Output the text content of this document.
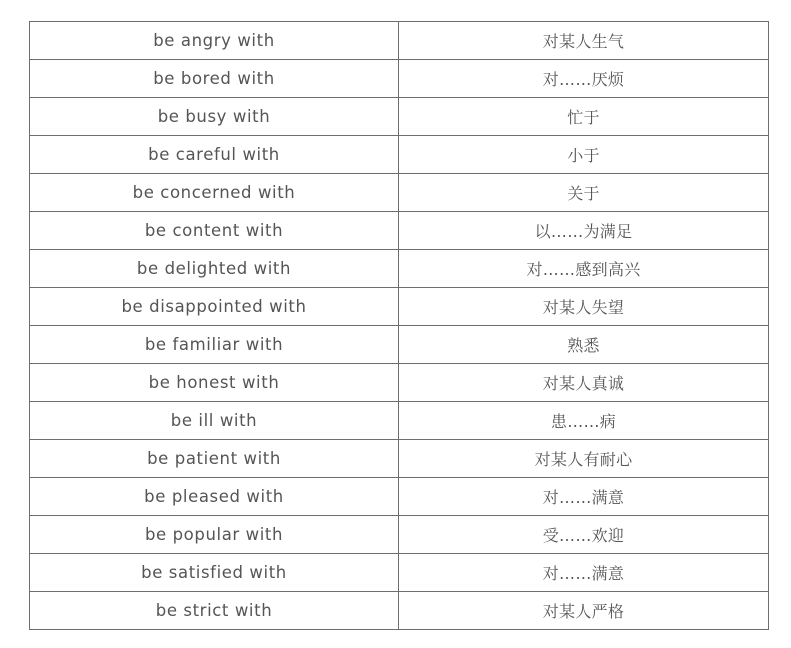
be angry with	对某人生气
be bored with	对……厌烦
be busy with	忙于
be careful with	小于
be concerned with	关于
be content with	以……为满足
be delighted with	对……感到高兴
be disappointed with	对某人失望
be familiar with	熟悉
be honest with	对某人真诚
be ill with	患……病
be patient with	对某人有耐心
be pleased with	对……满意
be popular with	受……欢迎
be satisfied with	对……满意
be strict with	对某人严格
